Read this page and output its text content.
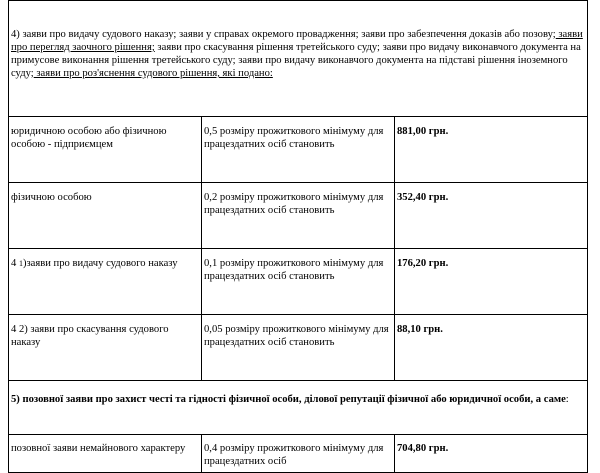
4) заяви про видачу судового наказу; заяви у справах окремого провадження; заяви про забезпечення доказів або позову; заяви про перегляд заочного рішення; заяви про скасування рішення третейського суду; заяви про видачу виконавчого документа на примусове виконання рішення третейського суду; заяви про видачу виконавчого документа на підставі рішення іноземного суду; заяви про роз'яснення судового рішення, які подано:		
юридичною особою або фізичною особою - підприємцем	0,5 розміру прожиткового мінімуму для працездатних осіб становить	881,00 грн.
фізичною особою	0,2 розміру прожиткового мінімуму для працездатних осіб становить	352,40 грн.
4 1)заяви про видачу судового наказу	0,1 розміру прожиткового мінімуму для працездатних осіб становить	176,20 грн.
4 2) заяви про скасування судового наказу	0,05 розміру прожиткового мінімуму для працездатних осіб становить	88,10 грн.
5) позовної заяви про захист честі та гідності фізичної особи, ділової репутації фізичної або юридичної особи, а саме:		
позовної заяви немайнового характеру	0,4 розміру прожиткового мінімуму для працездатних осіб	704,80 грн.
